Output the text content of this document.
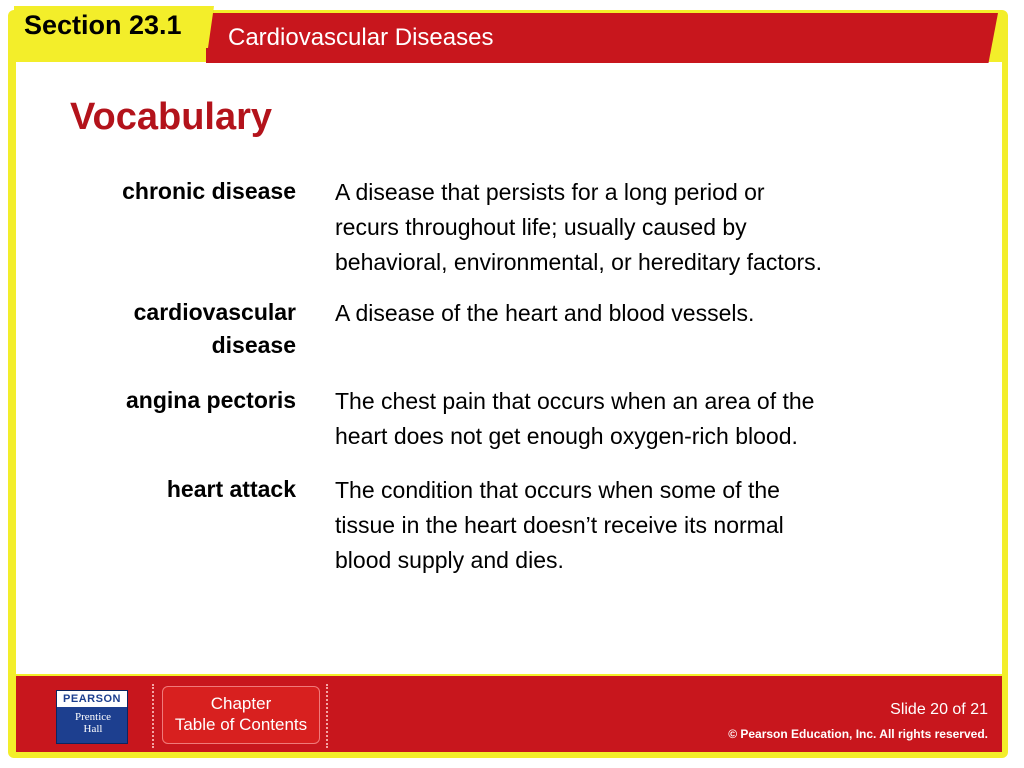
Section 23.1 Cardiovascular Diseases
Vocabulary
chronic disease A disease that persists for a long period or
recurs throughout life; usually caused by
behavioral, environmental, or hereditary factors.
cardiovascular
disease
A disease of the heart and blood vessels.
angina pectoris The chest pain that occurs when an area of the
heart does not get enough oxygen-rich blood.
heart attack The condition that occurs when some of the
tissue in the heart doesn’t receive its normal
blood supply and dies.
PEARSON
Prentice
Hall
Chapter
Table of Contents
Slide 20 of 21
© Pearson Education, Inc. All rights reserved.
